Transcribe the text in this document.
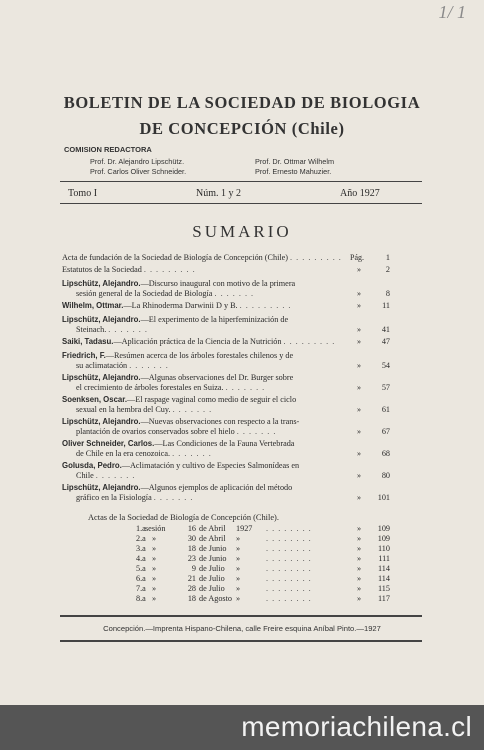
1/ 1
BOLETIN DE LA SOCIEDAD DE BIOLOGIA
DE CONCEPCIÓN (Chile)
COMISION REDACTORA
Prof. Dr. Alejandro Lipschütz.
Prof. Carlos Oliver Schneider.
Prof. Dr. Ottmar Wilhelm
Prof. Ernesto Mahuzier.
Tomo I	Núm. 1 y 2	Año 1927
SUMARIO
Acta de fundación de la Sociedad de Biología de Concepción (Chile) . . . . . . . . .	Pág.	1
Estatutos de la Sociedad . . . . . . . . .	»	2
Lipschütz, Alejandro.—Discurso inaugural con motivo de la primera
sesión general de la Sociedad de Biología . . . . . . .	»	8
Wilhelm, Ottmar.—La Rhinoderma Darwinii D y B. . . . . . . . . .	»	11
Lipschütz, Alejandro.—El experimento de la hiperfeminización de
Steinach. . . . . . . .	»	41
Saiki, Tadasu.—Aplicación práctica de la Ciencia de la Nutrición . . . . . . . . .	»	47
Friedrich, F.—Resúmen acerca de los árboles forestales chilenos y de
su aclimatación . . . . . . .	»	54
Lipschütz, Alejandro.—Algunas observaciones del Dr. Burger sobre
el crecimiento de árboles forestales en Suiza. . . . . . . .	»	57
Soenksen, Oscar.—El raspage vaginal como medio de seguir el ciclo
sexual en la hembra del Cuy. . . . . . . .	»	61
Lipschütz, Alejandro.—Nuevas observaciones con respecto a la trans-
plantación de ovarios conservados sobre el hielo . . . . . . .	»	67
Oliver Schneider, Carlos.—Las Condiciones de la Fauna Vertebrada
de Chile en la era cenozoica. . . . . . . .	»	68
Golusda, Pedro.—Aclimatación y cultivo de Especies Salmonídeas en
Chile . . . . . . .	»	80
Lipschütz, Alejandro.—Algunos ejemplos de aplicación del método
gráfico en la Fisiología . . . . . . .	»	101
Actas de la Sociedad de Biología de Concepción (Chile).
1.a sesión	16 de Abril 1927 . . . . . . . .	»	109
2.a »	30 de Abril »	. . . . . . . .	»	109
3.a »	18 de Junio »	. . . . . . . .	»	110
4.a »	23 de Junio »	. . . . . . . .	»	111
5.a »	9 de Julio »	. . . . . . . .	»	114
6.a »	21 de Julio »	. . . . . . . .	»	114
7.a »	28 de Julio »	. . . . . . . .	»	115
8.a »	18 de Agosto »	. . . . . . . .	»	117
Concepción.—Imprenta Hispano-Chilena, calle Freire esquina Aníbal Pinto.—1927
memoriachilena.cl
